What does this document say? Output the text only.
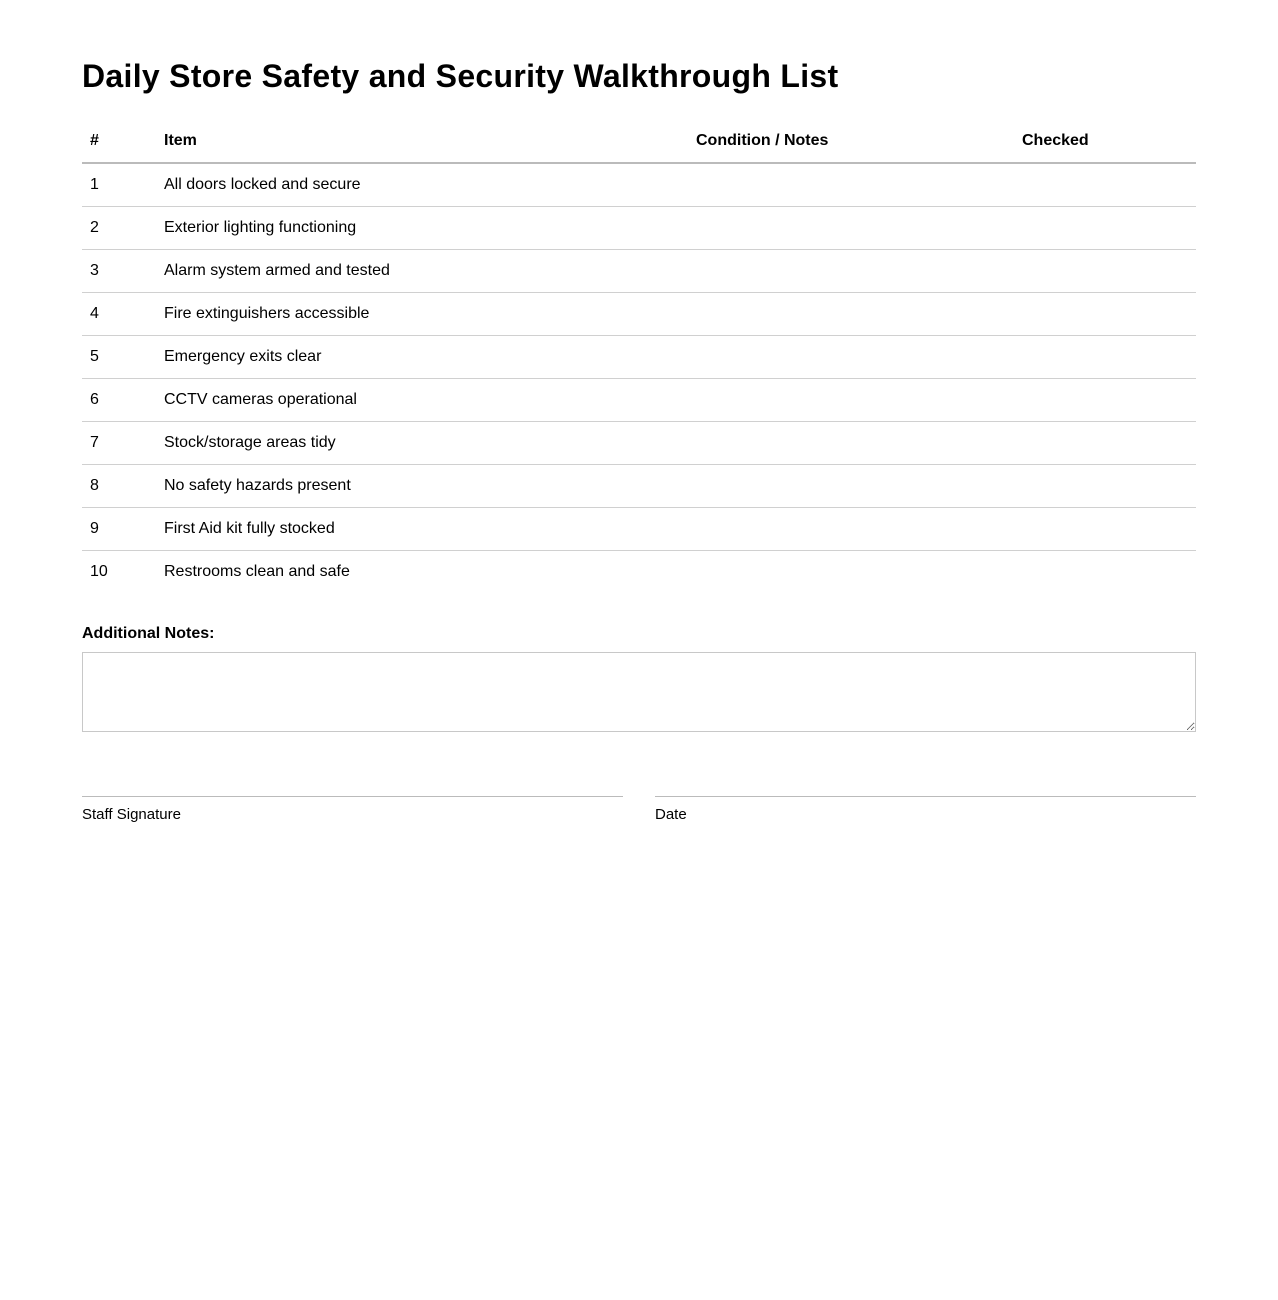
Daily Store Safety and Security Walkthrough List
#	Item	Condition / Notes	Checked
1	All doors locked and secure		
2	Exterior lighting functioning		
3	Alarm system armed and tested		
4	Fire extinguishers accessible		
5	Emergency exits clear		
6	CCTV cameras operational		
7	Stock/storage areas tidy		
8	No safety hazards present		
9	First Aid kit fully stocked		
10	Restrooms clean and safe		
Additional Notes:
Staff Signature	Date
